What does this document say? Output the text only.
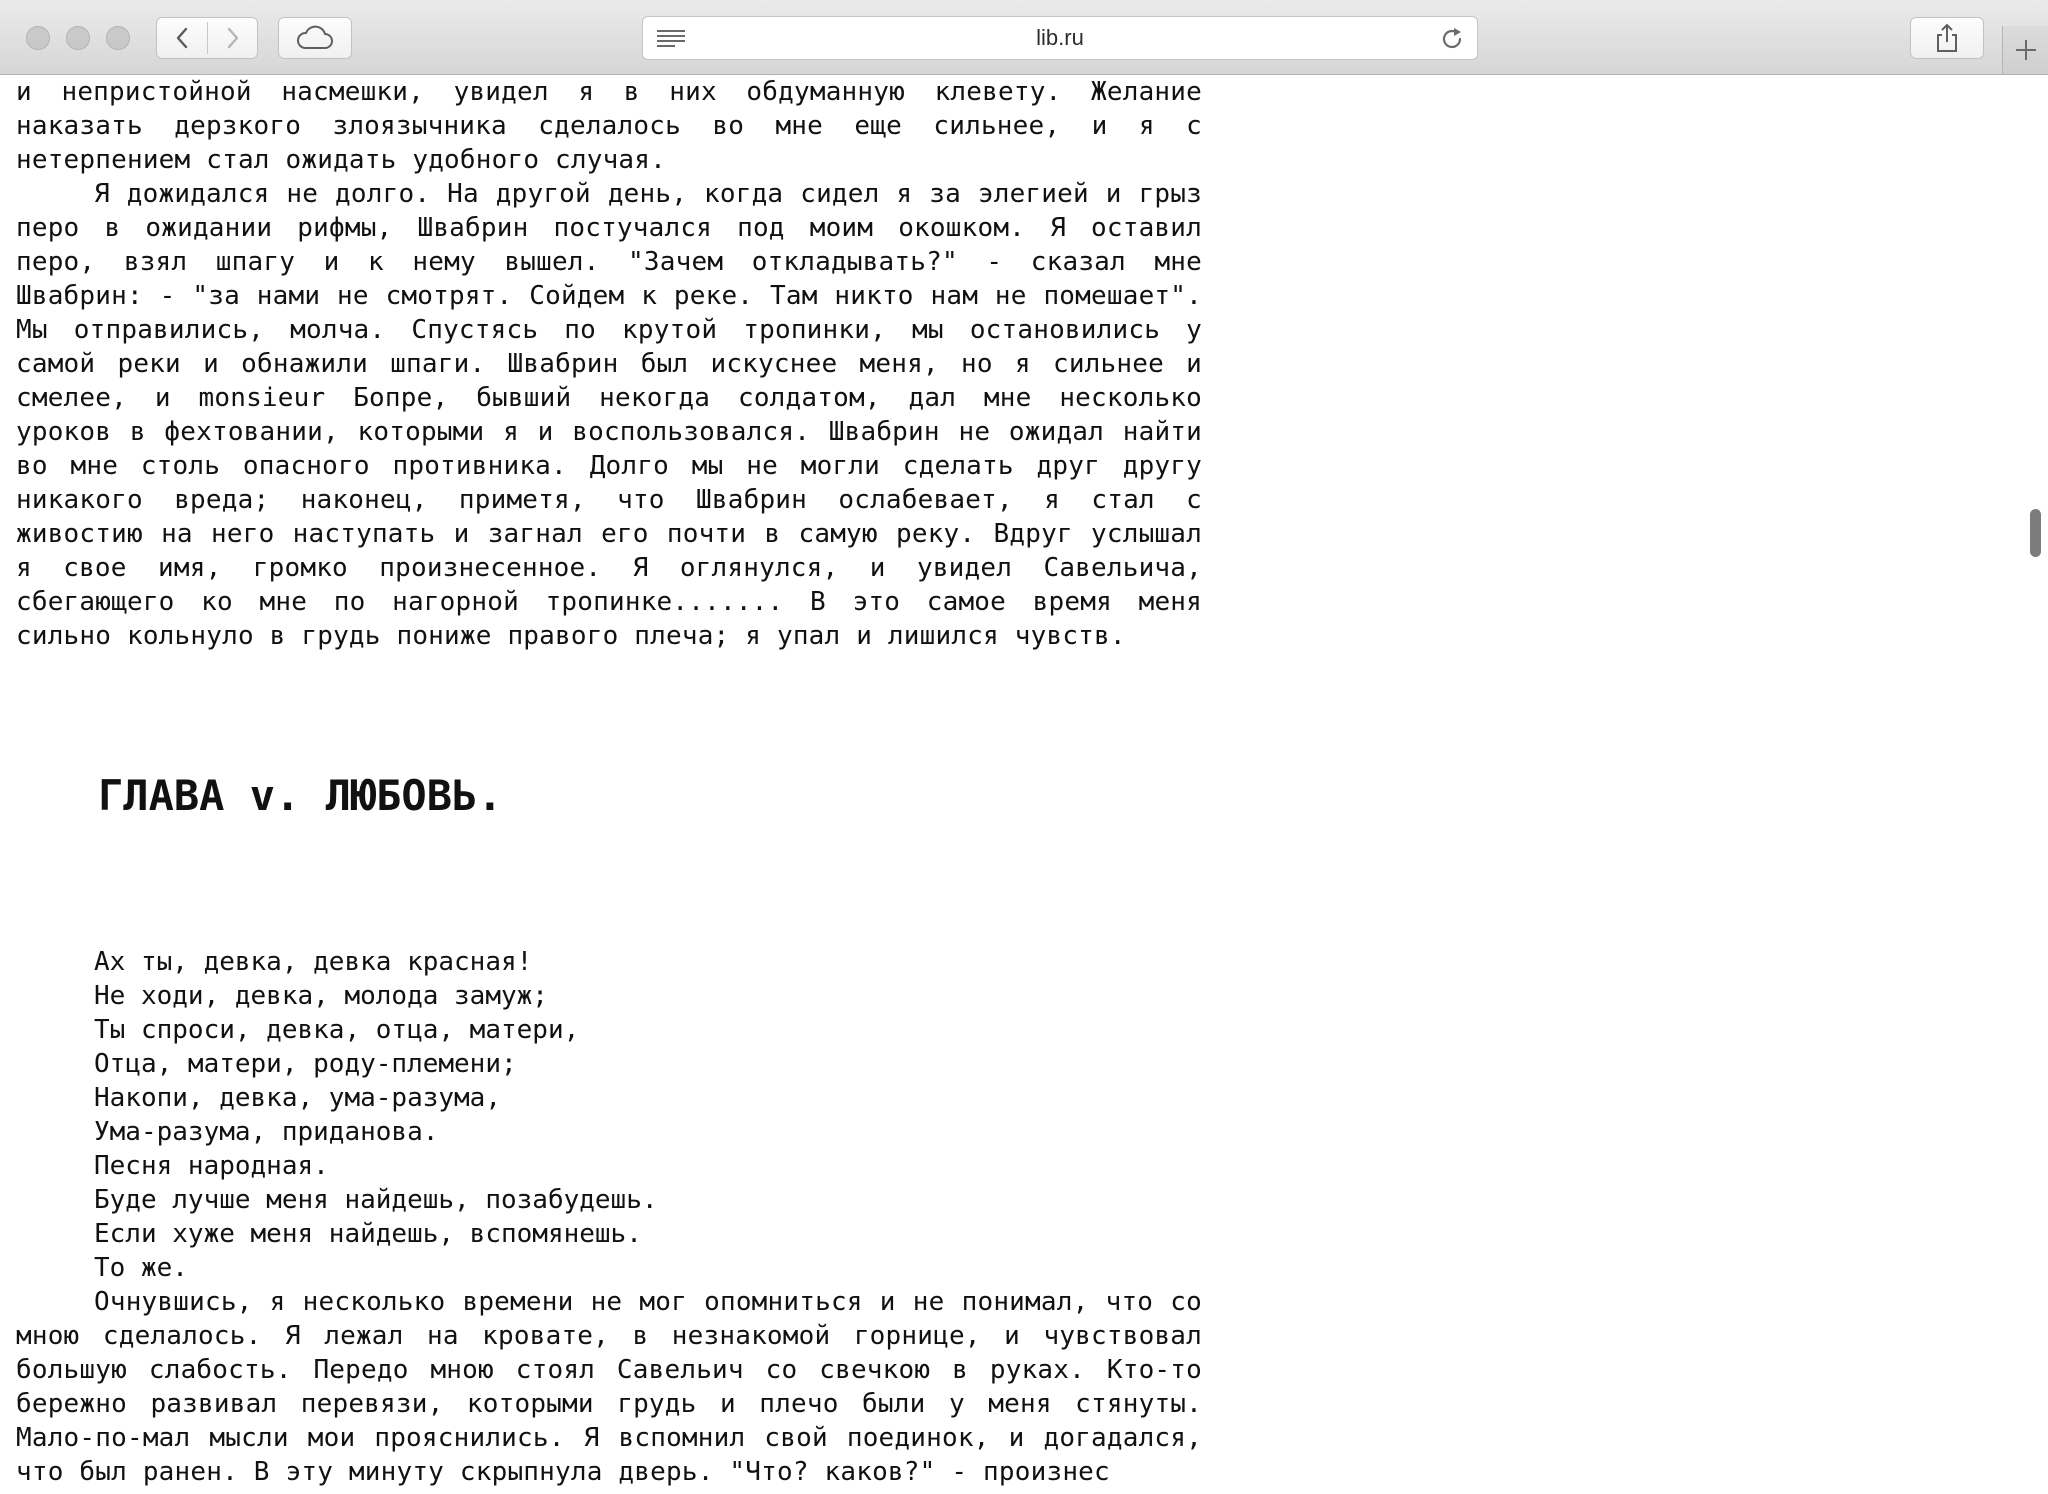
lib.ru

и непристойной насмешки, увидел я в них обдуманную клевету. Желание наказать дерзкого злоязычника сделалось во мне еще сильнее, и я с нетерпением стал ожидать удобного случая.

Я дожидался не долго. На другой день, когда сидел я за элегией и грыз перо в ожидании рифмы, Швабрин постучался под моим окошком. Я оставил перо, взял шпагу и к нему вышел. "Зачем откладывать?" - сказал мне Швабрин: - "за нами не смотрят. Сойдем к реке. Там никто нам не помешает". Мы отправились, молча. Спустясь по крутой тропинки, мы остановились у самой реки и обнажили шпаги. Швабрин был искуснее меня, но я сильнее и смелее, и monsieur Бопре, бывший некогда солдатом, дал мне несколько уроков в фехтовании, которыми я и воспользовался. Швабрин не ожидал найти во мне столь опасного противника. Долго мы не могли сделать друг другу никакого вреда; наконец, приметя, что Швабрин ослабевает, я стал с живостию на него наступать и загнал его почти в самую реку. Вдруг услышал я свое имя, громко произнесенное. Я оглянулся, и увидел Савельича, сбегающего ко мне по нагорной тропинке....... В это самое время меня сильно кольнуло в грудь пониже правого плеча; я упал и лишился чувств.

ГЛАВА v. ЛЮБОВЬ.
Ах ты, девка, девка красная!
Не ходи, девка, молода замуж;
Ты спроси, девка, отца, матери,
Отца, матери, роду-племени;
Накопи, девка, ума-разума,
Ума-разума, приданова.
Песня народная.
Буде лучше меня найдешь, позабудешь.
Если хуже меня найдешь, вспомянешь.
То же.

Очнувшись, я несколько времени не мог опомниться и не понимал, что со мною сделалось. Я лежал на кровате, в незнакомой горнице, и чувствовал большую слабость. Передо мною стоял Савельич со свечкою в руках. Кто-то бережно развивал перевязи, которыми грудь и плечо были у меня стянуты. Мало-по-мал мысли мои прояснились. Я вспомнил свой поединок, и догадался, что был ранен. В эту минуту скрыпнула дверь. "Что? каков?" - произнес
